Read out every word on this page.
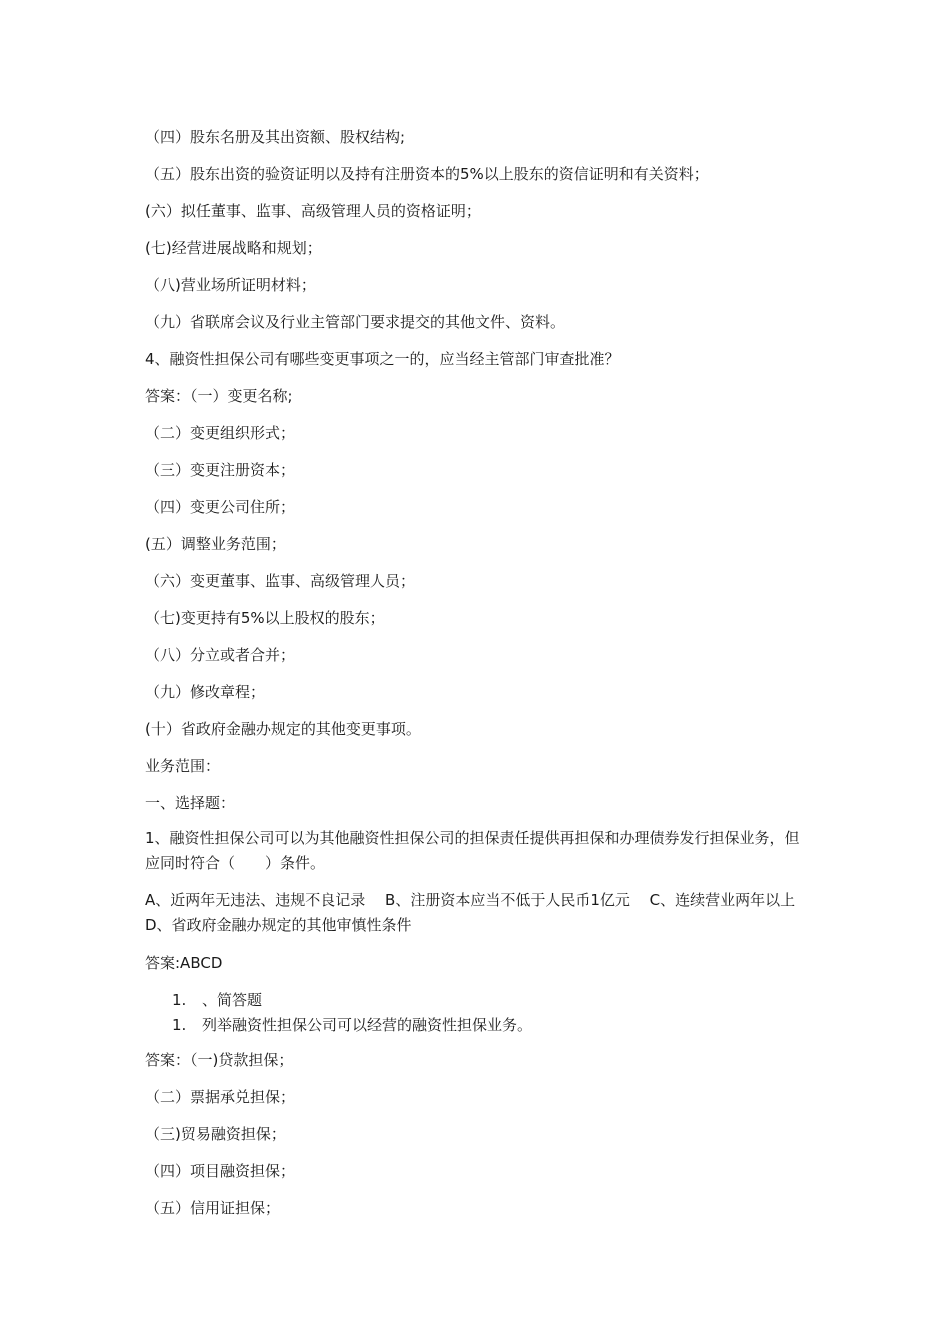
（四）股东名册及其出资额、股权结构;
（五）股东出资的验资证明以及持有注册资本的5%以上股东的资信证明和有关资料；
(六）拟任董事、监事、高级管理人员的资格证明；
(七)经营进展战略和规划；
（八)营业场所证明材料；
（九）省联席会议及行业主管部门要求提交的其他文件、资料。
4、融资性担保公司有哪些变更事项之一的，应当经主管部门审查批准？
答案：（一）变更名称;
（二）变更组织形式；
（三）变更注册资本；
（四）变更公司住所；
(五）调整业务范围；
（六）变更董事、监事、高级管理人员；
（七)变更持有5%以上股权的股东；
（八）分立或者合并；
（九）修改章程；
(十）省政府金融办规定的其他变更事项。
业务范围：
一、选择题：
1、融资性担保公司可以为其他融资性担保公司的担保责任提供再担保和办理债券发行担保业务，但应同时符合（　　）条件。
A、近两年无违法、违规不良记录　 B、注册资本应当不低于人民币1亿元　 C、连续营业两年以上　 D、省政府金融办规定的其他审慎性条件
答案:ABCD
1. 、简答题
1. 列举融资性担保公司可以经营的融资性担保业务。
答案：（一)贷款担保；
（二）票据承兑担保；
（三)贸易融资担保；
（四）项目融资担保；
（五）信用证担保；
